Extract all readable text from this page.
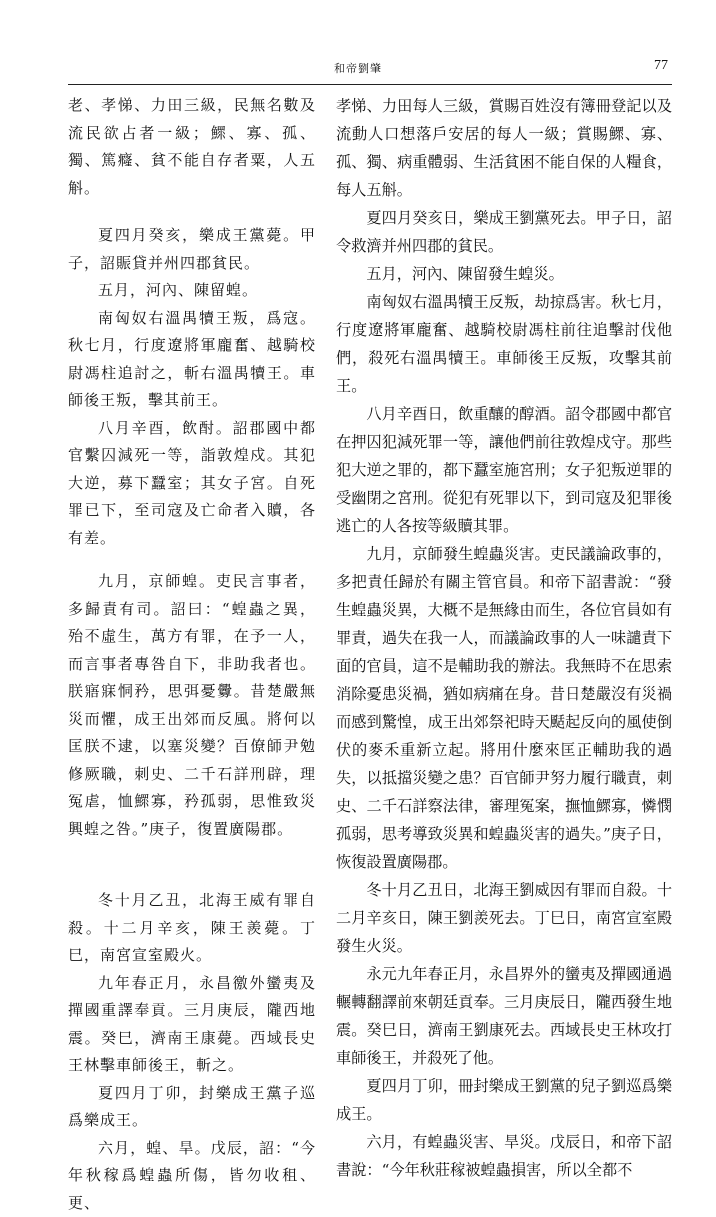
和帝劉肇	77

老、孝悌、力田三級，民無名數及流民欲占者一級；鰥、寡、孤、獨、篤癃、貧不能自存者粟，人五斛。

夏四月癸亥，樂成王黨薨。甲子，詔賑貸并州四郡貧民。

五月，河內、陳留蝗。

南匈奴右溫禺犢王叛，爲寇。秋七月，行度遼將軍龐奮、越騎校尉馮柱追討之，斬右溫禺犢王。車師後王叛，擊其前王。

八月辛酉，飲酎。詔郡國中都官繫囚減死一等，詣敦煌戍。其犯大逆，募下蠶室；其女子宮。自死罪已下，至司寇及亡命者入贖，各有差。

九月，京師蝗。吏民言事者，多歸責有司。詔曰：“蝗蟲之異，殆不虛生，萬方有罪，在予一人，而言事者專咎自下，非助我者也。朕寤寐恫矜，思弭憂釁。昔楚嚴無災而懼，成王出郊而反風。將何以匡朕不逮，以塞災變？百僚師尹勉修厥職，刺史、二千石詳刑辟，理冤虐，恤鰥寡，矜孤弱，思惟致災興蝗之咎。”庚子，復置廣陽郡。

冬十月乙丑，北海王威有罪自殺。十二月辛亥，陳王羨薨。丁巳，南宮宣室殿火。

九年春正月，永昌徼外蠻夷及撣國重譯奉貢。三月庚辰，隴西地震。癸巳，濟南王康薨。西域長史王林擊車師後王，斬之。

夏四月丁卯，封樂成王黨子巡爲樂成王。

六月，蝗、旱。戊辰，詔：“今年秋稼爲蝗蟲所傷，皆勿收租、更、

孝悌、力田每人三級，賞賜百姓沒有簿冊登記以及流動人口想落戶安居的每人一級；賞賜鰥、寡、孤、獨、病重體弱、生活貧困不能自保的人糧食，每人五斛。

夏四月癸亥日，樂成王劉黨死去。甲子日，詔令救濟并州四郡的貧民。

五月，河內、陳留發生蝗災。

南匈奴右溫禺犢王反叛，劫掠爲害。秋七月，行度遼將軍龐奮、越騎校尉馮柱前往追擊討伐他們，殺死右溫禺犢王。車師後王反叛，攻擊其前王。

八月辛酉日，飲重釀的醇酒。詔令郡國中都官在押囚犯減死罪一等，讓他們前往敦煌戍守。那些犯大逆之罪的，都下蠶室施宮刑；女子犯叛逆罪的受幽閉之宮刑。從犯有死罪以下，到司寇及犯罪後逃亡的人各按等級贖其罪。

九月，京師發生蝗蟲災害。吏民議論政事的，多把責任歸於有關主管官員。和帝下詔書說：“發生蝗蟲災異，大概不是無緣由而生，各位官員如有罪責，過失在我一人，而議論政事的人一味譴責下面的官員，這不是輔助我的辦法。我無時不在思索消除憂患災禍，猶如病痛在身。昔日楚嚴沒有災禍而感到驚惶，成王出郊祭祀時天颳起反向的風使倒伏的麥禾重新立起。將用什麼來匡正輔助我的過失，以抵擋災變之患？百官師尹努力履行職責，刺史、二千石詳察法律，審理冤案，撫恤鰥寡，憐憫孤弱，思考導致災異和蝗蟲災害的過失。”庚子日，恢復設置廣陽郡。

冬十月乙丑日，北海王劉威因有罪而自殺。十二月辛亥日，陳王劉羨死去。丁巳日，南宮宣室殿發生火災。

永元九年春正月，永昌界外的蠻夷及撣國通過輾轉翻譯前來朝廷貢奉。三月庚辰日，隴西發生地震。癸巳日，濟南王劉康死去。西域長史王林攻打車師後王，并殺死了他。

夏四月丁卯，冊封樂成王劉黨的兒子劉巡爲樂成王。

六月，有蝗蟲災害、旱災。戊辰日，和帝下詔書說：“今年秋莊稼被蝗蟲損害，所以全都不
